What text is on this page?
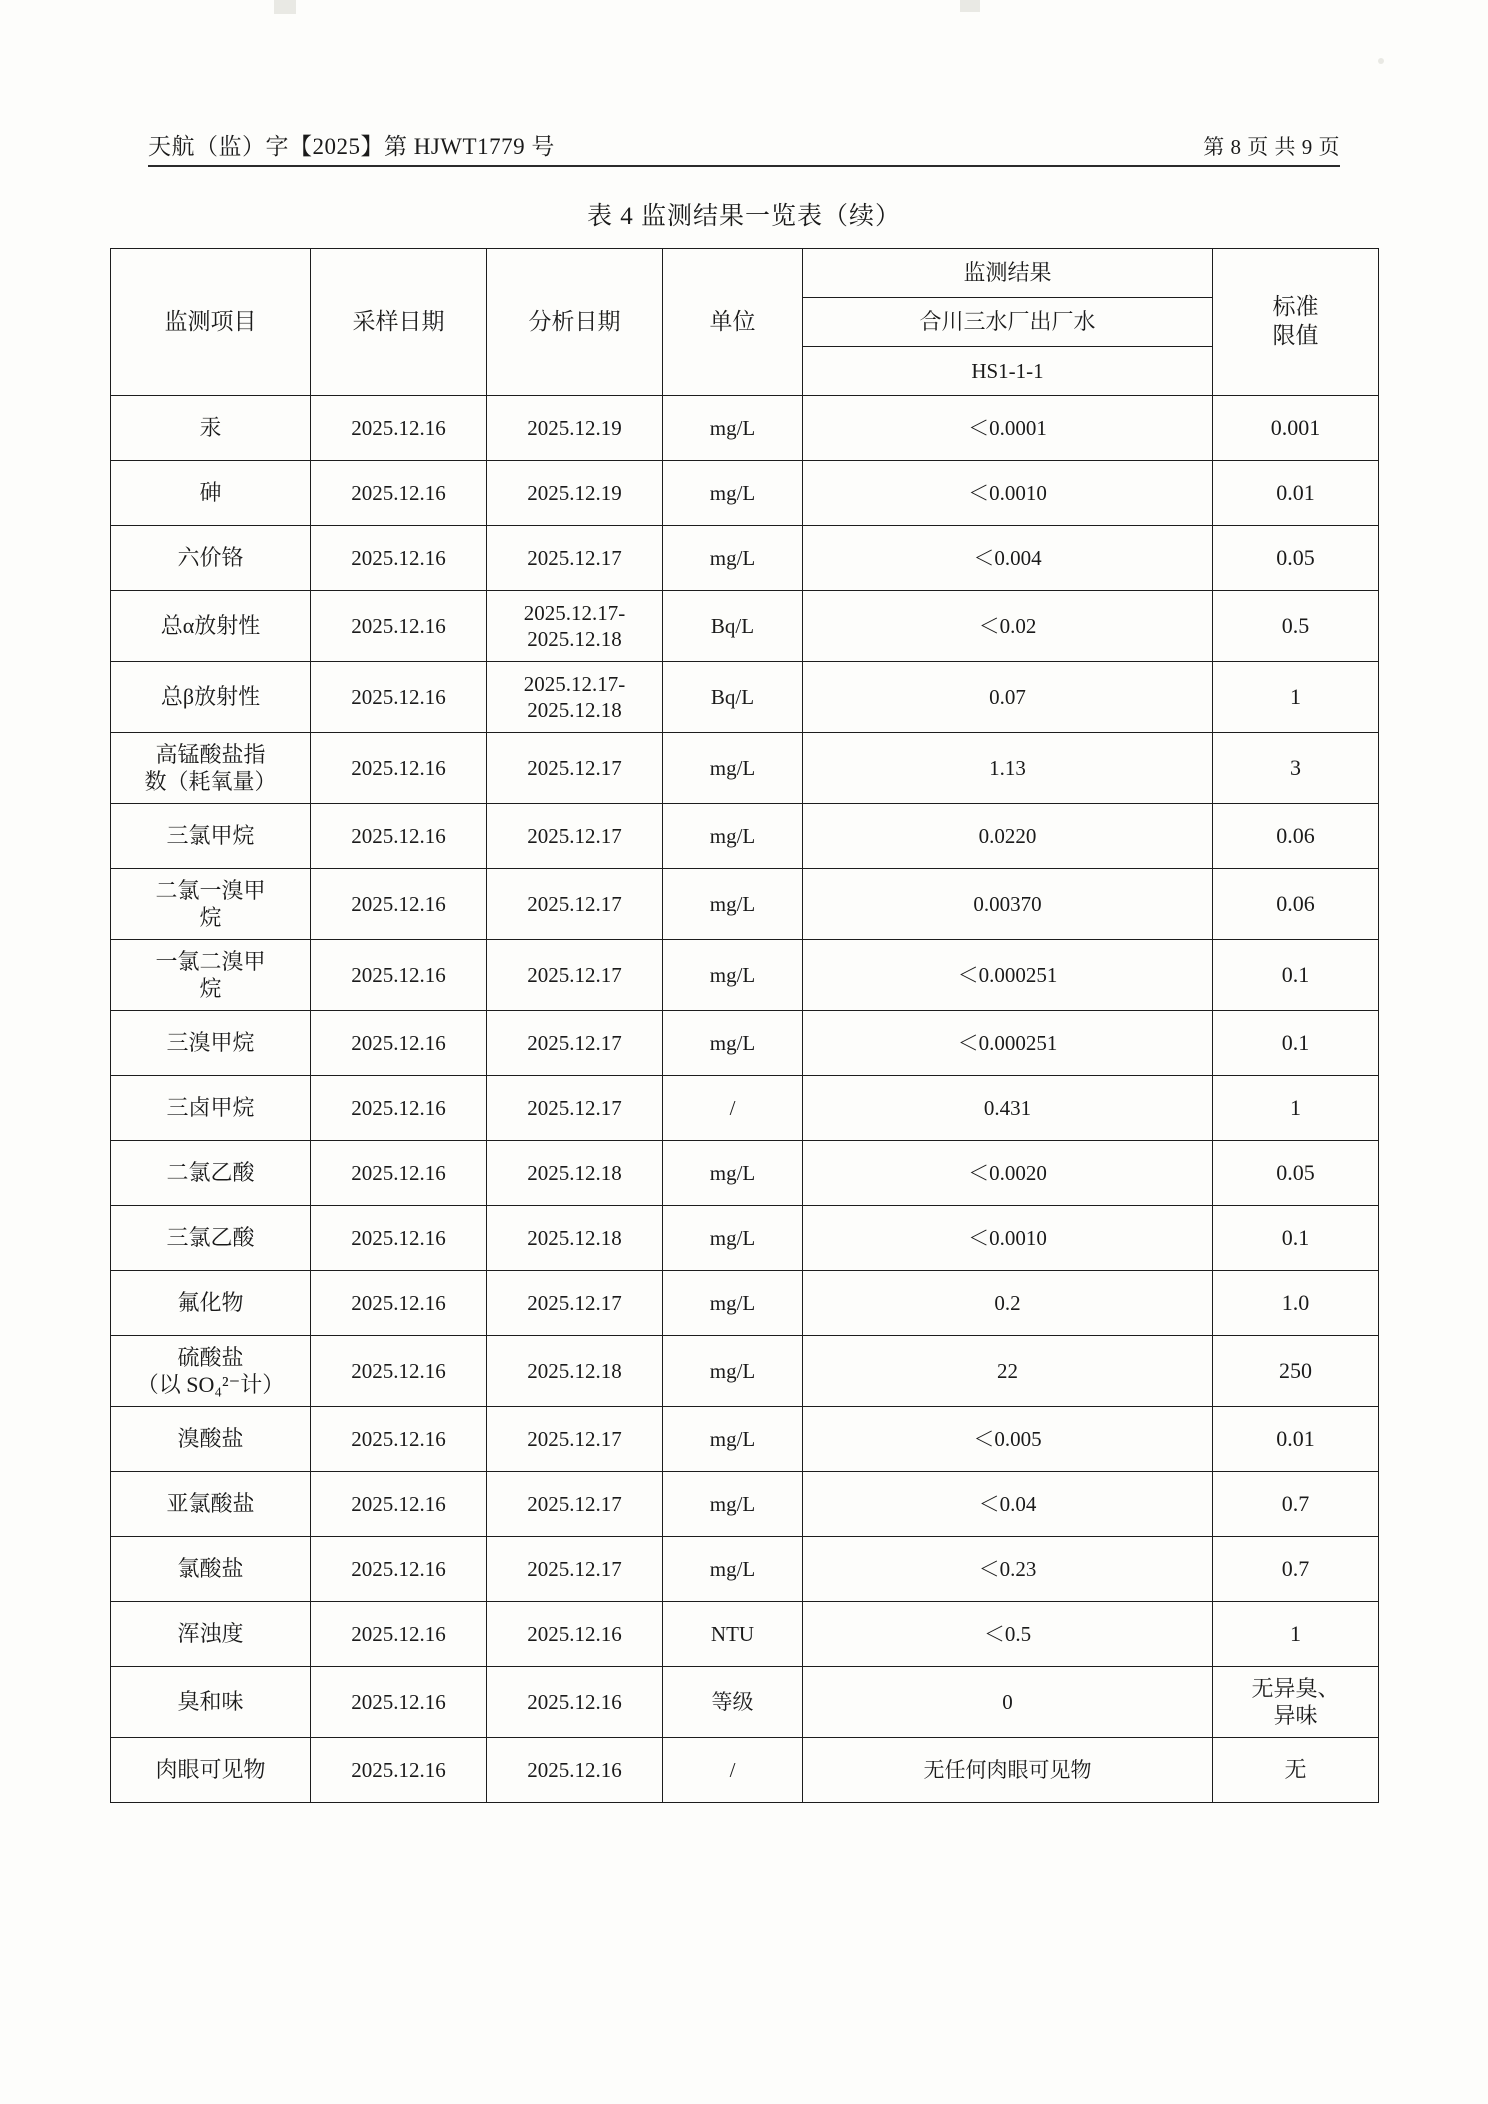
天航（监）字【2025】第 HJWT1779 号	第 8 页 共 9 页
表 4 监测结果一览表（续）
监测项目	采样日期	分析日期	单位	监测结果	标准
限值

				合川三水厂出厂水	
				HS1-1-1	
汞	2025.12.16	2025.12.19	mg/L	＜0.0001	0.001
砷	2025.12.16	2025.12.19	mg/L	＜0.0010	0.01
六价铬	2025.12.16	2025.12.17	mg/L	＜0.004	0.05
总α放射性	2025.12.16	2025.12.17-
2025.12.18	Bq/L	＜0.02	0.5
总β放射性	2025.12.16	2025.12.17-
2025.12.18	Bq/L	0.07	1

高锰酸盐指
数（耗氧量）	2025.12.16	2025.12.17	mg/L	1.13	3
三氯甲烷	2025.12.16	2025.12.17	mg/L	0.0220	0.06

二氯一溴甲
烷	2025.12.16	2025.12.17	mg/L	0.00370	0.06

一氯二溴甲
烷	2025.12.16	2025.12.17	mg/L	＜0.000251	0.1
三溴甲烷	2025.12.16	2025.12.17	mg/L	＜0.000251	0.1
三卤甲烷	2025.12.16	2025.12.17	/	0.431	1
二氯乙酸	2025.12.16	2025.12.18	mg/L	＜0.0020	0.05
三氯乙酸	2025.12.16	2025.12.18	mg/L	＜0.0010	0.1
氟化物	2025.12.16	2025.12.17	mg/L	0.2	1.0

硫酸盐
（以 SO₄²⁻计）	2025.12.16	2025.12.18	mg/L	22	250
溴酸盐	2025.12.16	2025.12.17	mg/L	＜0.005	0.01
亚氯酸盐	2025.12.16	2025.12.17	mg/L	＜0.04	0.7
氯酸盐	2025.12.16	2025.12.17	mg/L	＜0.23	0.7
浑浊度	2025.12.16	2025.12.16	NTU	＜0.5	1
臭和味	2025.12.16	2025.12.16	等级	0	无异臭、
异味

肉眼可见物	2025.12.16	2025.12.16	/	无任何肉眼可见物	无
